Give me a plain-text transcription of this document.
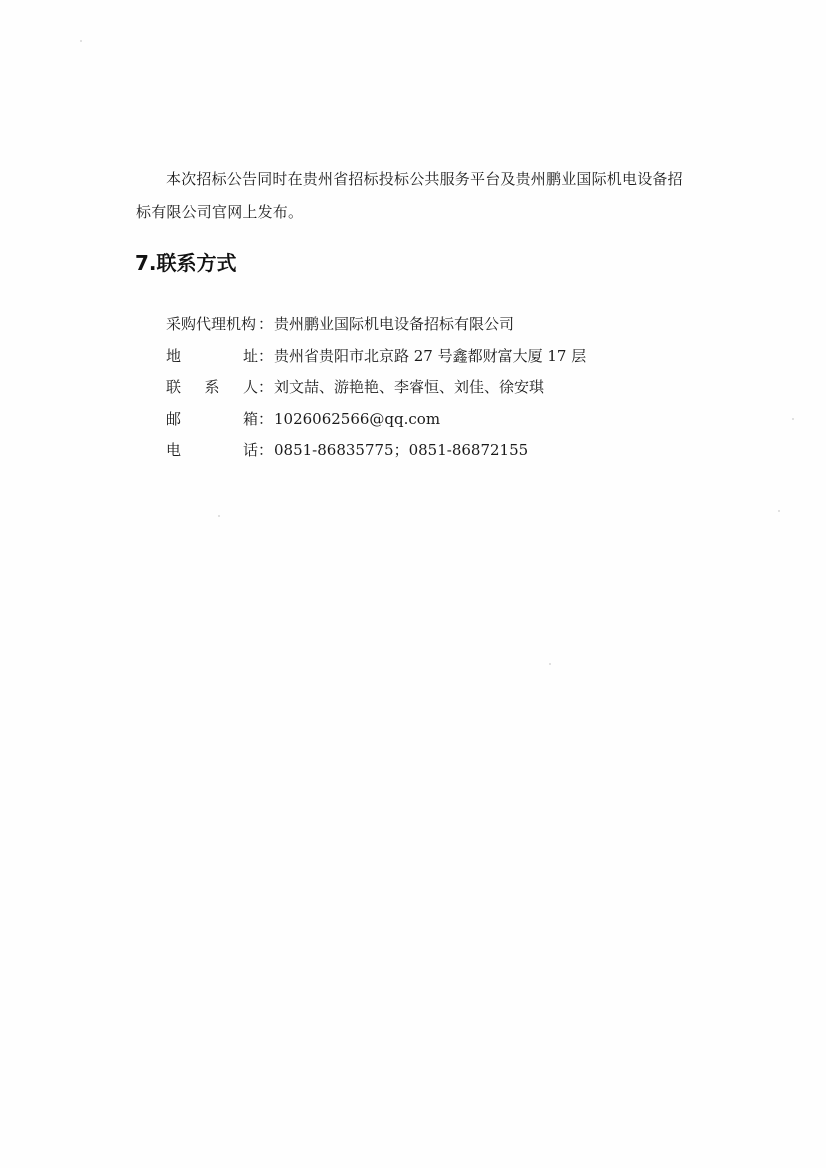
本次招标公告同时在贵州省招标投标公共服务平台及贵州鹏业国际机电设备招
标有限公司官网上发布。
7.联系方式
采购代理机构 ： 贵州鹏业国际机电设备招标有限公司
地	址 ： 贵州省贵阳市北京路 27 号鑫都财富大厦 17 层
联 系 人 ： 刘文喆、游艳艳、李睿恒、刘佳、徐安琪
邮	箱 ： 1026062566@qq.com
电	话 ： 0851-86835775；0851-86872155
